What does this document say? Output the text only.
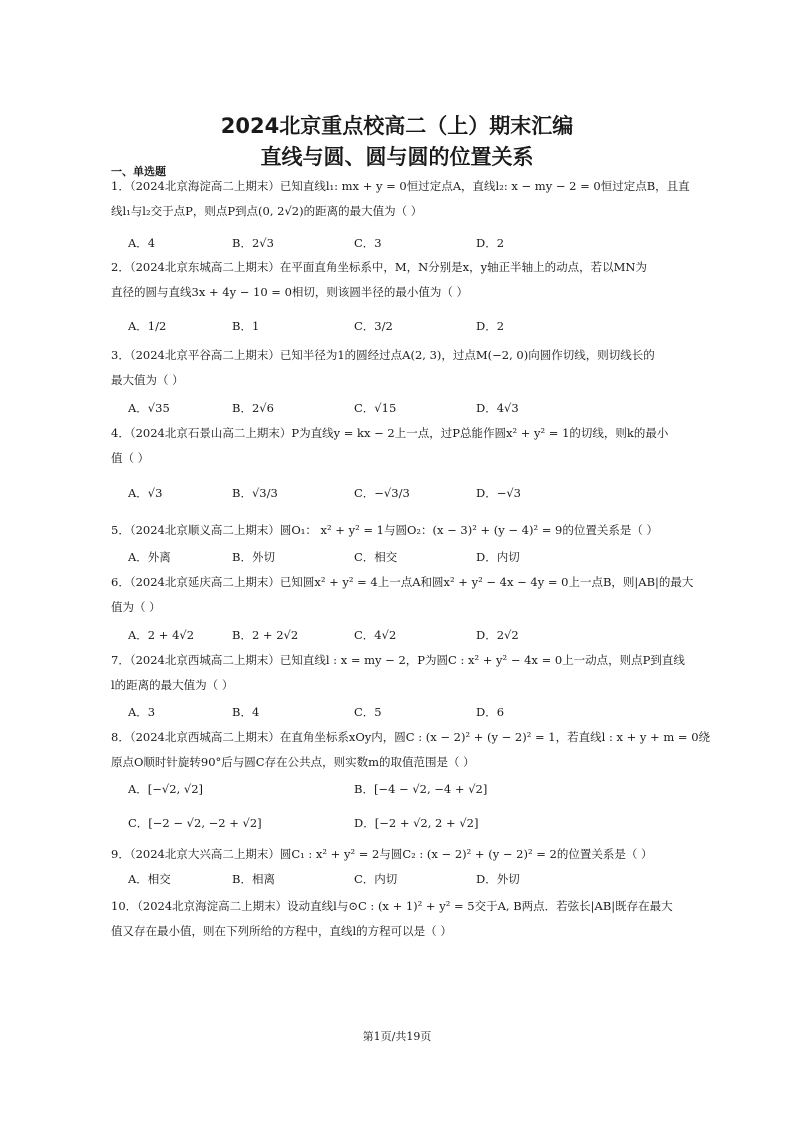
2024北京重点校高二（上）期末汇编
直线与圆、圆与圆的位置关系
一、单选题
1．（2024北京海淀高二上期末）已知直线l₁: mx + y = 0恒过定点A，直线l₂: x − my − 2 = 0恒过定点B，且直
线l₁与l₂交于点P，则点P到点(0, 2√2)的距离的最大值为（ ）
A．4	B．2√3	C．3	D．2
2．（2024北京东城高二上期末）在平面直角坐标系中，M，N分别是x，y轴正半轴上的动点，若以MN为
直径的圆与直线3x + 4y − 10 = 0相切，则该圆半径的最小值为（ ）
A．1/2	B．1	C．3/2	D．2
3．（2024北京平谷高二上期末）已知半径为1的圆经过点A(2, 3)，过点M(−2, 0)向圆作切线，则切线长的
最大值为（ ）
A．√35	B．2√6	C．√15	D．4√3
4．（2024北京石景山高二上期末）P为直线y = kx − 2上一点，过P总能作圆x² + y² = 1的切线，则k的最小
值（ ）
A．√3	B．√3/3	C．−√3/3	D．−√3
5．（2024北京顺义高二上期末）圆O₁： x² + y² = 1与圆O₂：(x − 3)² + (y − 4)² = 9的位置关系是（ ）
A．外离	B．外切	C．相交	D．内切
6．（2024北京延庆高二上期末）已知圆x² + y² = 4上一点A和圆x² + y² − 4x − 4y = 0上一点B，则|AB|的最大
值为（ ）
A．2 + 4√2	B．2 + 2√2	C．4√2	D．2√2
7．（2024北京西城高二上期末）已知直线l : x = my − 2，P为圆C : x² + y² − 4x = 0上一动点，则点P到直线
l的距离的最大值为（ ）
A．3	B．4	C．5	D．6
8．（2024北京西城高二上期末）在直角坐标系xOy内，圆C : (x − 2)² + (y − 2)² = 1，若直线l : x + y + m = 0绕
原点O顺时针旋转90°后与圆C存在公共点，则实数m的取值范围是（ ）
A．[−√2, √2]	B．[−4 − √2, −4 + √2]
C．[−2 − √2, −2 + √2]	D．[−2 + √2, 2 + √2]
9．（2024北京大兴高二上期末）圆C₁ : x² + y² = 2与圆C₂ : (x − 2)² + (y − 2)² = 2的位置关系是（ ）
A．相交	B．相离	C．内切	D．外切
10．（2024北京海淀高二上期末）设动直线l与⊙C : (x + 1)² + y² = 5交于A, B两点．若弦长|AB|既存在最大
值又存在最小值，则在下列所给的方程中，直线l的方程可以是（ ）
第1页/共19页
